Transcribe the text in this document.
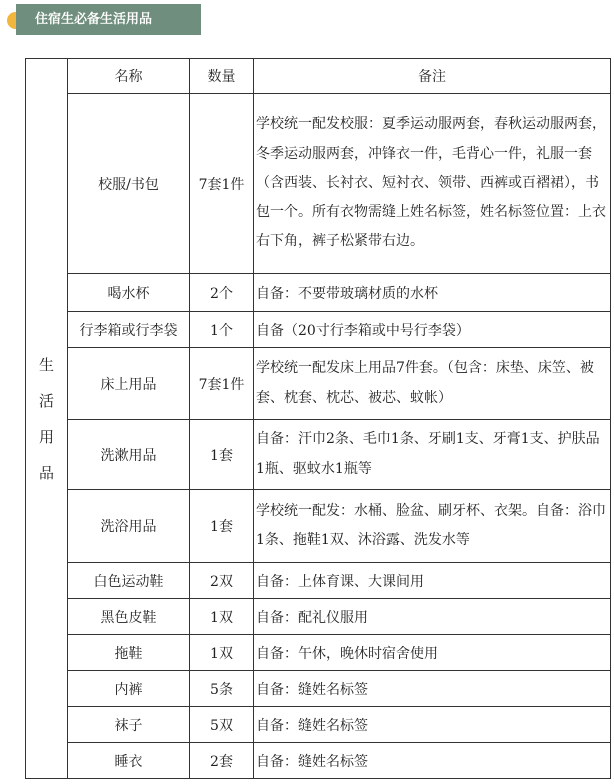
住宿生必备生活用品
生
活
用
品	名称	数量	备注
	校服/书包	7套1件	学校统一配发校服：夏季运动服两套，春秋运动服两套，冬季运动服两套，冲锋衣一件，毛背心一件，礼服一套（含西装、长衬衣、短衬衣、领带、西裤或百褶裙），书包一个。所有衣物需缝上姓名标签，姓名标签位置：上衣右下角，裤子松紧带右边。
	喝水杯	2个	自备：不要带玻璃材质的水杯
	行李箱或行李袋	1个	自备（20寸行李箱或中号行李袋）
	床上用品	7套1件	学校统一配发床上用品7件套。（包含：床垫、床笠、被套、枕套、枕芯、被芯、蚊帐）
	洗漱用品	1套	自备：汗巾2条、毛巾1条、牙刷1支、牙膏1支、护肤品1瓶、驱蚊水1瓶等
	洗浴用品	1套	学校统一配发：水桶、脸盆、刷牙杯、衣架。自备：浴巾1条、拖鞋1双、沐浴露、洗发水等
	白色运动鞋	2双	自备：上体育课、大课间用
	黑色皮鞋	1双	自备：配礼仪服用
	拖鞋	1双	自备：午休，晚休时宿舍使用
	内裤	5条	自备：缝姓名标签
	袜子	5双	自备：缝姓名标签
	睡衣	2套	自备：缝姓名标签
